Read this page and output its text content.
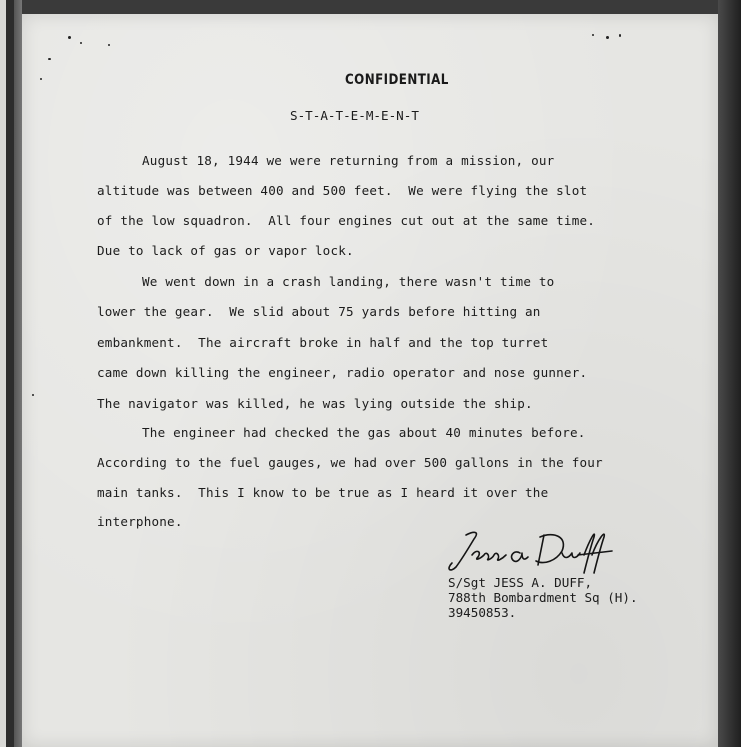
CONFIDENTIAL
S-T-A-T-E-M-E-N-T
August 18, 1944 we were returning from a mission, our
altitude was between 400 and 500 feet.  We were flying the slot
of the low squadron.  All four engines cut out at the same time.
Due to lack of gas or vapor lock.
We went down in a crash landing, there wasn't time to
lower the gear.  We slid about 75 yards before hitting an
embankment.  The aircraft broke in half and the top turret
came down killing the engineer, radio operator and nose gunner.
The navigator was killed, he was lying outside the ship.
The engineer had checked the gas about 40 minutes before.
According to the fuel gauges, we had over 500 gallons in the four
main tanks.  This I know to be true as I heard it over the
interphone.
S/Sgt JESS A. DUFF,
788th Bombardment Sq (H).
39450853.
